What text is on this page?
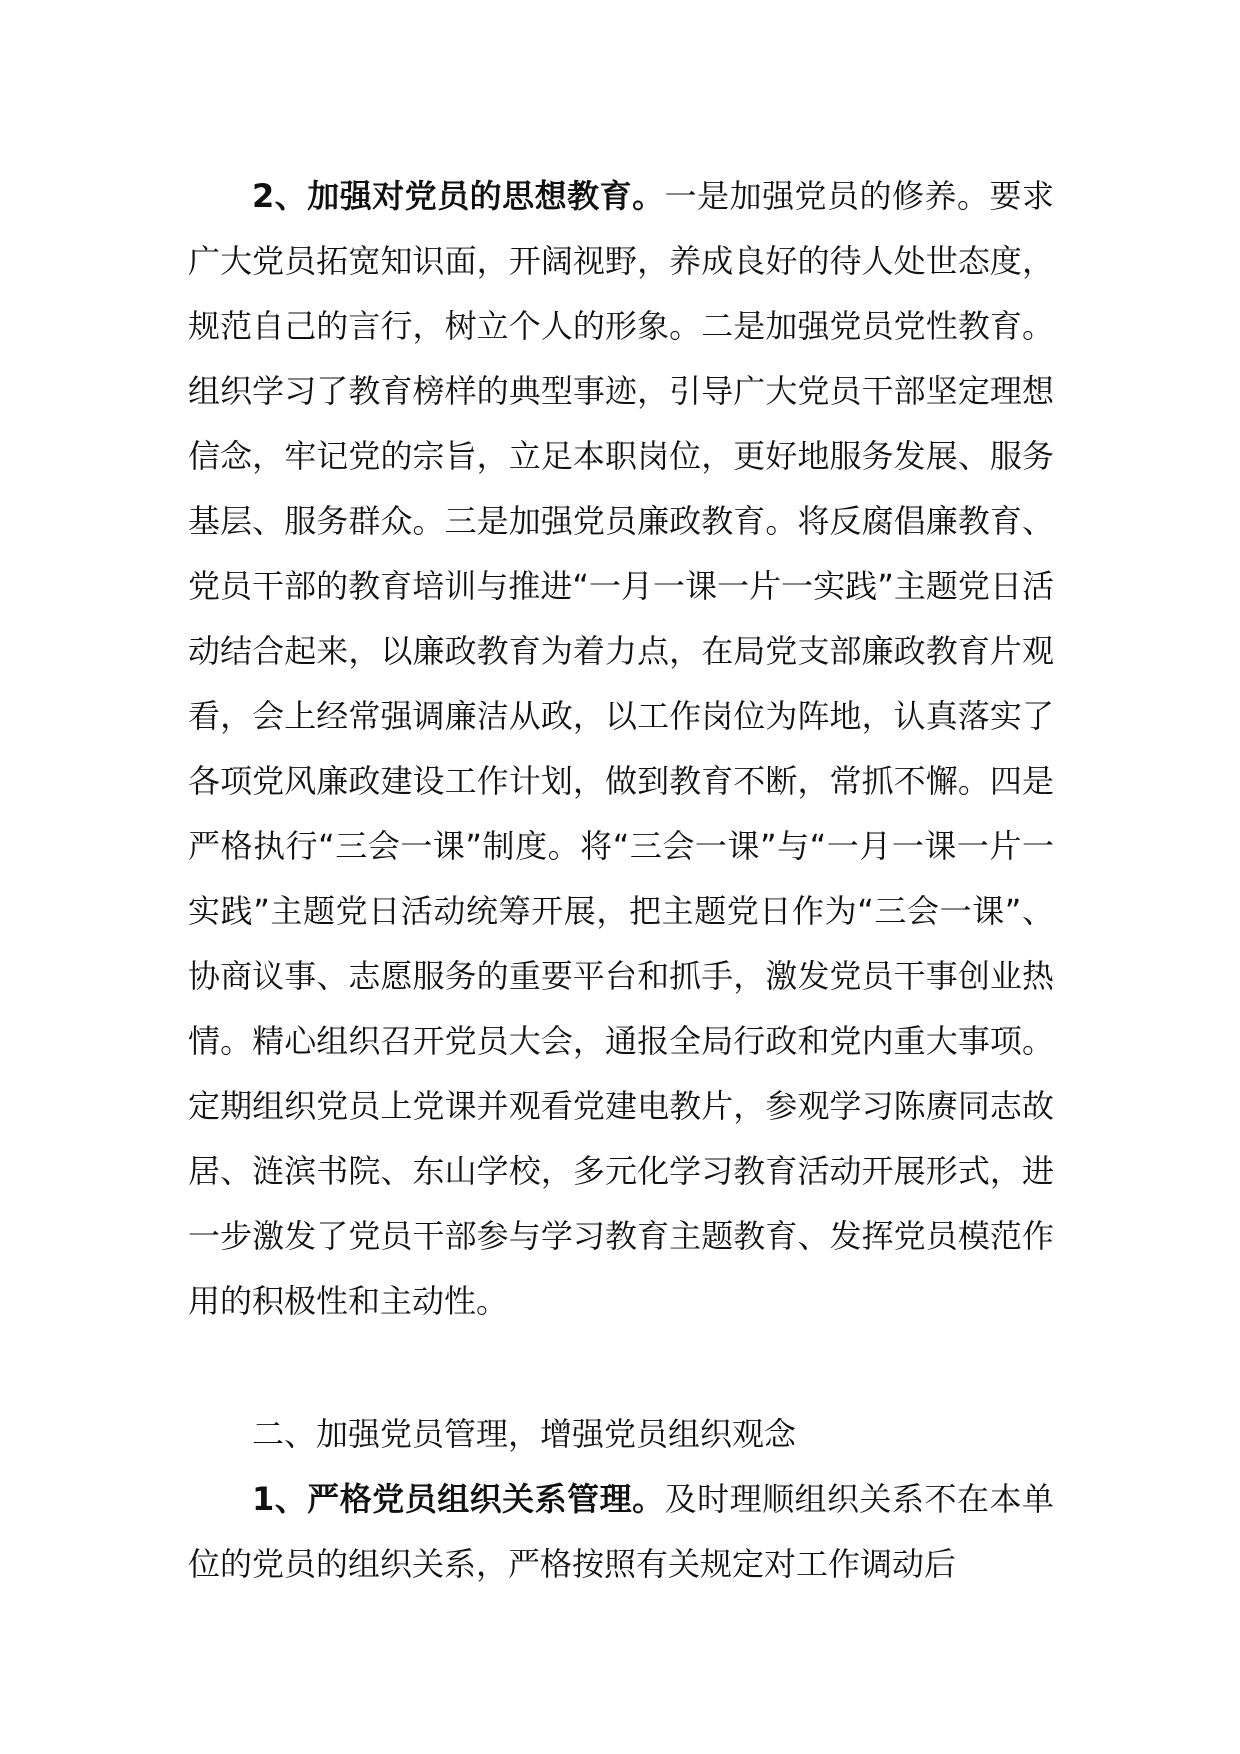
2、加强对党员的思想教育。一是加强党员的修养。要求广大党员拓宽知识面，开阔视野，养成良好的待人处世态度，规范自己的言行，树立个人的形象。二是加强党员党性教育。组织学习了教育榜样的典型事迹，引导广大党员干部坚定理想信念，牢记党的宗旨，立足本职岗位，更好地服务发展、服务基层、服务群众。三是加强党员廉政教育。将反腐倡廉教育、党员干部的教育培训与推进“一月一课一片一实践”主题党日活动结合起来，以廉政教育为着力点，在局党支部廉政教育片观看，会上经常强调廉洁从政，以工作岗位为阵地，认真落实了各项党风廉政建设工作计划，做到教育不断，常抓不懈。四是严格执行“三会一课”制度。将“三会一课”与“一月一课一片一实践”主题党日活动统筹开展，把主题党日作为“三会一课”、协商议事、志愿服务的重要平台和抓手，激发党员干事创业热情。精心组织召开党员大会，通报全局行政和党内重大事项。定期组织党员上党课并观看党建电教片，参观学习陈赓同志故居、涟滨书院、东山学校，多元化学习教育活动开展形式，进一步激发了党员干部参与学习教育主题教育、发挥党员模范作用的积极性和主动性。

二、加强党员管理，增强党员组织观念

1、严格党员组织关系管理。及时理顺组织关系不在本单位的党员的组织关系，严格按照有关规定对工作调动后
